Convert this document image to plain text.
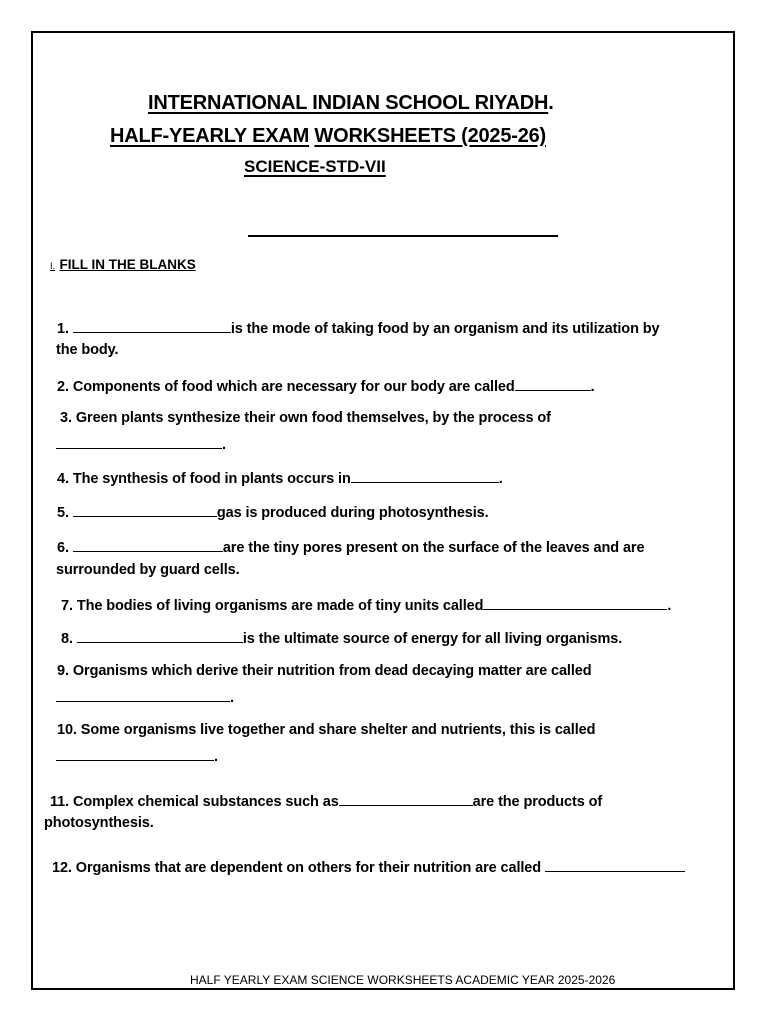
INTERNATIONAL INDIAN SCHOOL RIYADH.
HALF-YEARLY EXAM WORKSHEETS (2025-26)
SCIENCE-STD-VII
I. FILL IN THE BLANKS
1.	is the mode of taking food by an organism and its utilization by
the body.
2. Components of food which are necessary for our body are called	.
3. Green plants synthesize their own food themselves, by the process of
.
4. The synthesis of food in plants occurs in	.
5.	gas is produced during photosynthesis.
6.	are the tiny pores present on the surface of the leaves and are
surrounded by guard cells.
7. The bodies of living organisms are made of tiny units called	.
8.	is the ultimate source of energy for all living organisms.
9. Organisms which derive their nutrition from dead decaying matter are called
.
10. Some organisms live together and share shelter and nutrients, this is called
.
11. Complex chemical substances such as	are the products of
photosynthesis.
12. Organisms that are dependent on others for their nutrition are called
HALF YEARLY EXAM SCIENCE WORKSHEETS ACADEMIC YEAR 2025-2026
